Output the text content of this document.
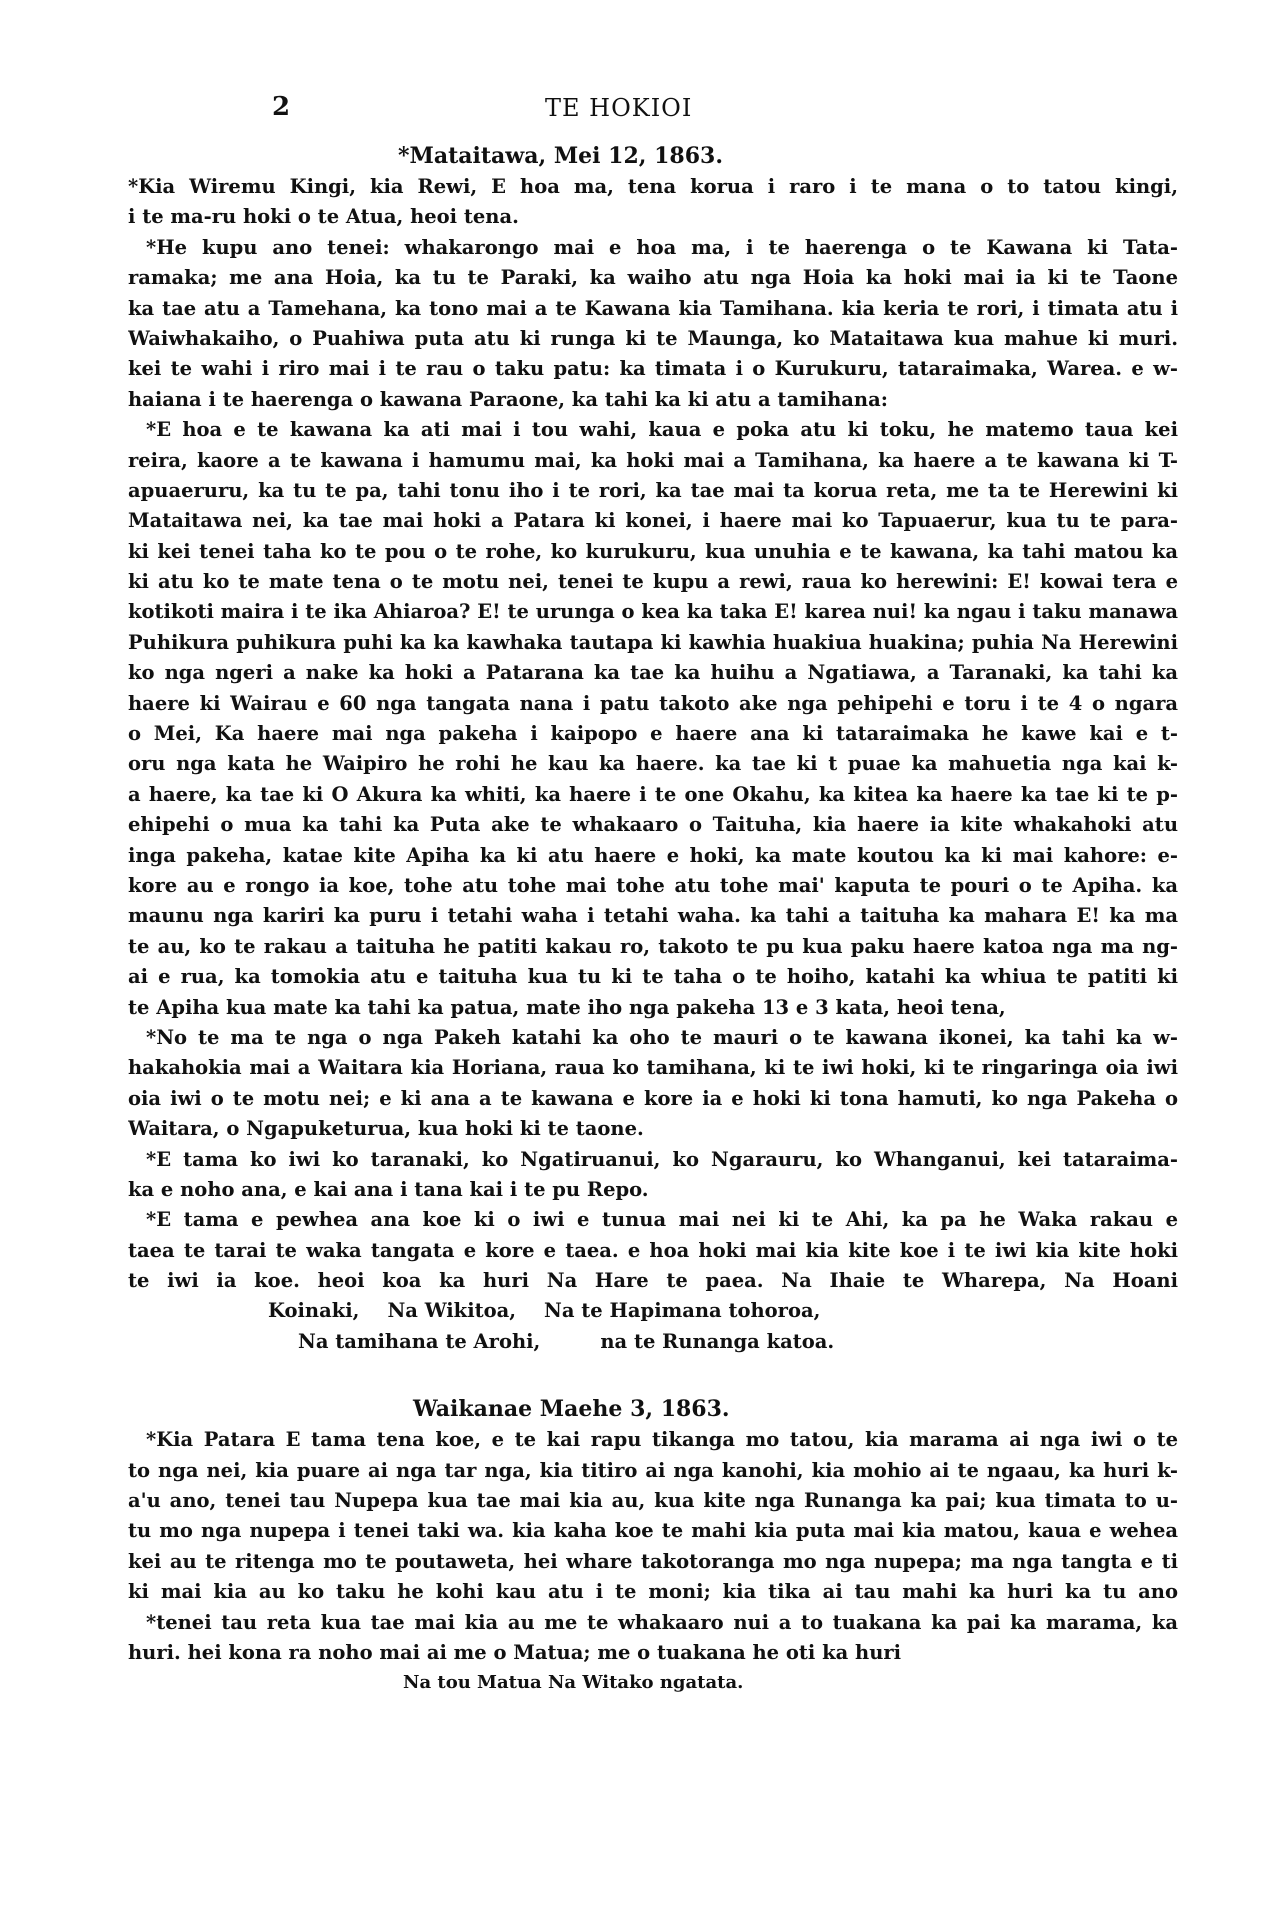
2	TE HOKIOI
*Mataitawa, Mei 12, 1863.
*Kia Wiremu Kingi, kia Rewi, E hoa ma, tena korua i raro i te mana o to tatou kingi,
i te ma-ru hoki o te Atua, heoi tena.
*He kupu ano tenei: whakarongo mai e hoa ma, i te haerenga o te Kawana ki Tata-
ramaka; me ana Hoia, ka tu te Paraki, ka waiho atu nga Hoia ka hoki mai ia ki te Taone
ka tae atu a Tamehana, ka tono mai a te Kawana kia Tamihana. kia keria te rori, i timata atu i
Waiwhakaiho, o Puahiwa puta atu ki runga ki te Maunga, ko Mataitawa kua mahue ki muri.
kei te wahi i riro mai i te rau o taku patu: ka timata i o Kurukuru, tataraimaka, Warea. e w-
haiana i te haerenga o kawana Paraone, ka tahi ka ki atu a tamihana:
*E hoa e te kawana ka ati mai i tou wahi, kaua e poka atu ki toku, he matemo taua kei
reira, kaore a te kawana i hamumu mai, ka hoki mai a Tamihana, ka haere a te kawana ki T-
apuaeruru, ka tu te pa, tahi tonu iho i te rori, ka tae mai ta korua reta, me ta te Herewini ki
Mataitawa nei, ka tae mai hoki a Patara ki konei, i haere mai ko Tapuaerur, kua tu te para-
ki kei tenei taha ko te pou o te rohe, ko kurukuru, kua unuhia e te kawana, ka tahi matou ka
ki atu ko te mate tena o te motu nei, tenei te kupu a rewi, raua ko herewini: E! kowai tera e
kotikoti maira i te ika Ahiaroa? E! te urunga o kea ka taka E! karea nui! ka ngau i taku manawa
Puhikura puhikura puhi ka ka kawhaka tautapa ki kawhia huakiua huakina; puhia Na Herewini
ko nga ngeri a nake ka hoki a Patarana ka tae ka huihu a Ngatiawa, a Taranaki, ka tahi ka
haere ki Wairau e 60 nga tangata nana i patu takoto ake nga pehipehi e toru i te 4 o ngara
o Mei, Ka haere mai nga pakeha i kaipopo e haere ana ki tataraimaka he kawe kai e t-
oru nga kata he Waipiro he rohi he kau ka haere. ka tae ki t puae ka mahuetia nga kai k-
a haere, ka tae ki O Akura ka whiti, ka haere i te one Okahu, ka kitea ka haere ka tae ki te p-
ehipehi o mua ka tahi ka Puta ake te whakaaro o Taituha, kia haere ia kite whakahoki atu
inga pakeha, katae kite Apiha ka ki atu haere e hoki, ka mate koutou ka ki mai kahore: e-
kore au e rongo ia koe, tohe atu tohe mai tohe atu tohe mai' kaputa te pouri o te Apiha. ka
maunu nga kariri ka puru i tetahi waha i tetahi waha. ka tahi a taituha ka mahara E! ka ma
te au, ko te rakau a taituha he patiti kakau ro, takoto te pu kua paku haere katoa nga ma ng-
ai e rua, ka tomokia atu e taituha kua tu ki te taha o te hoiho, katahi ka whiua te patiti ki
te Apiha kua mate ka tahi ka patua, mate iho nga pakeha 13 e 3 kata, heoi tena,
*No te ma te nga o nga Pakeh katahi ka oho te mauri o te kawana ikonei, ka tahi ka w-
hakahokia mai a Waitara kia Horiana, raua ko tamihana, ki te iwi hoki, ki te ringaringa oia iwi
oia iwi o te motu nei; e ki ana a te kawana e kore ia e hoki ki tona hamuti, ko nga Pakeha o
Waitara, o Ngapuketurua, kua hoki ki te taone.
*E tama ko iwi ko taranaki, ko Ngatiruanui, ko Ngarauru, ko Whanganui, kei tataraima-
ka e noho ana, e kai ana i tana kai i te pu Repo.
*E tama e pewhea ana koe ki o iwi e tunua mai nei ki te Ahi, ka pa he Waka rakau e
taea te tarai te waka tangata e kore e taea. e hoa hoki mai kia kite koe i te iwi kia kite hoki
te iwi ia koe. heoi koa ka huri Na Hare te paea. Na Ihaie te Wharepa, Na Hoani
Koinaki, Na Wikitoa, Na te Hapimana tohoroa,
Na tamihana te Arohi,	na te Runanga katoa.
Waikanae Maehe 3, 1863.
*Kia Patara E tama tena koe, e te kai rapu tikanga mo tatou, kia marama ai nga iwi o te
to nga nei, kia puare ai nga tar nga, kia titiro ai nga kanohi, kia mohio ai te ngaau, ka huri k-
a'u ano, tenei tau Nupepa kua tae mai kia au, kua kite nga Runanga ka pai; kua timata to u-
tu mo nga nupepa i tenei taki wa. kia kaha koe te mahi kia puta mai kia matou, kaua e wehea
kei au te ritenga mo te poutaweta, hei whare takotoranga mo nga nupepa; ma nga tangta e ti
ki mai kia au ko taku he kohi kau atu i te moni; kia tika ai tau mahi ka huri ka tu ano
*tenei tau reta kua tae mai kia au me te whakaaro nui a to tuakana ka pai ka marama, ka
huri. hei kona ra noho mai ai me o Matua; me o tuakana he oti ka huri
Na tou Matua Na Witako ngatata.
